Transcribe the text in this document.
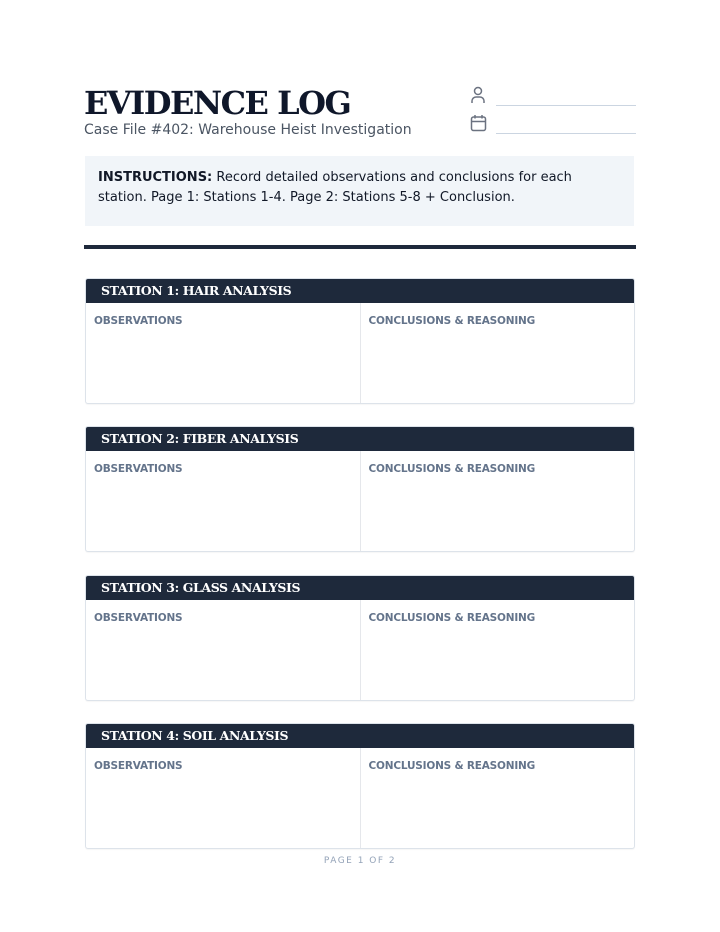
EVIDENCE LOG
Case File #402: Warehouse Heist Investigation
INSTRUCTIONS: Record detailed observations and conclusions for each station. Page 1: Stations 1-4. Page 2: Stations 5-8 + Conclusion.
STATION 1: HAIR ANALYSIS
OBSERVATIONS	CONCLUSIONS & REASONING
STATION 2: FIBER ANALYSIS
OBSERVATIONS	CONCLUSIONS & REASONING
STATION 3: GLASS ANALYSIS
OBSERVATIONS	CONCLUSIONS & REASONING
STATION 4: SOIL ANALYSIS
OBSERVATIONS	CONCLUSIONS & REASONING
PAGE 1 OF 2
